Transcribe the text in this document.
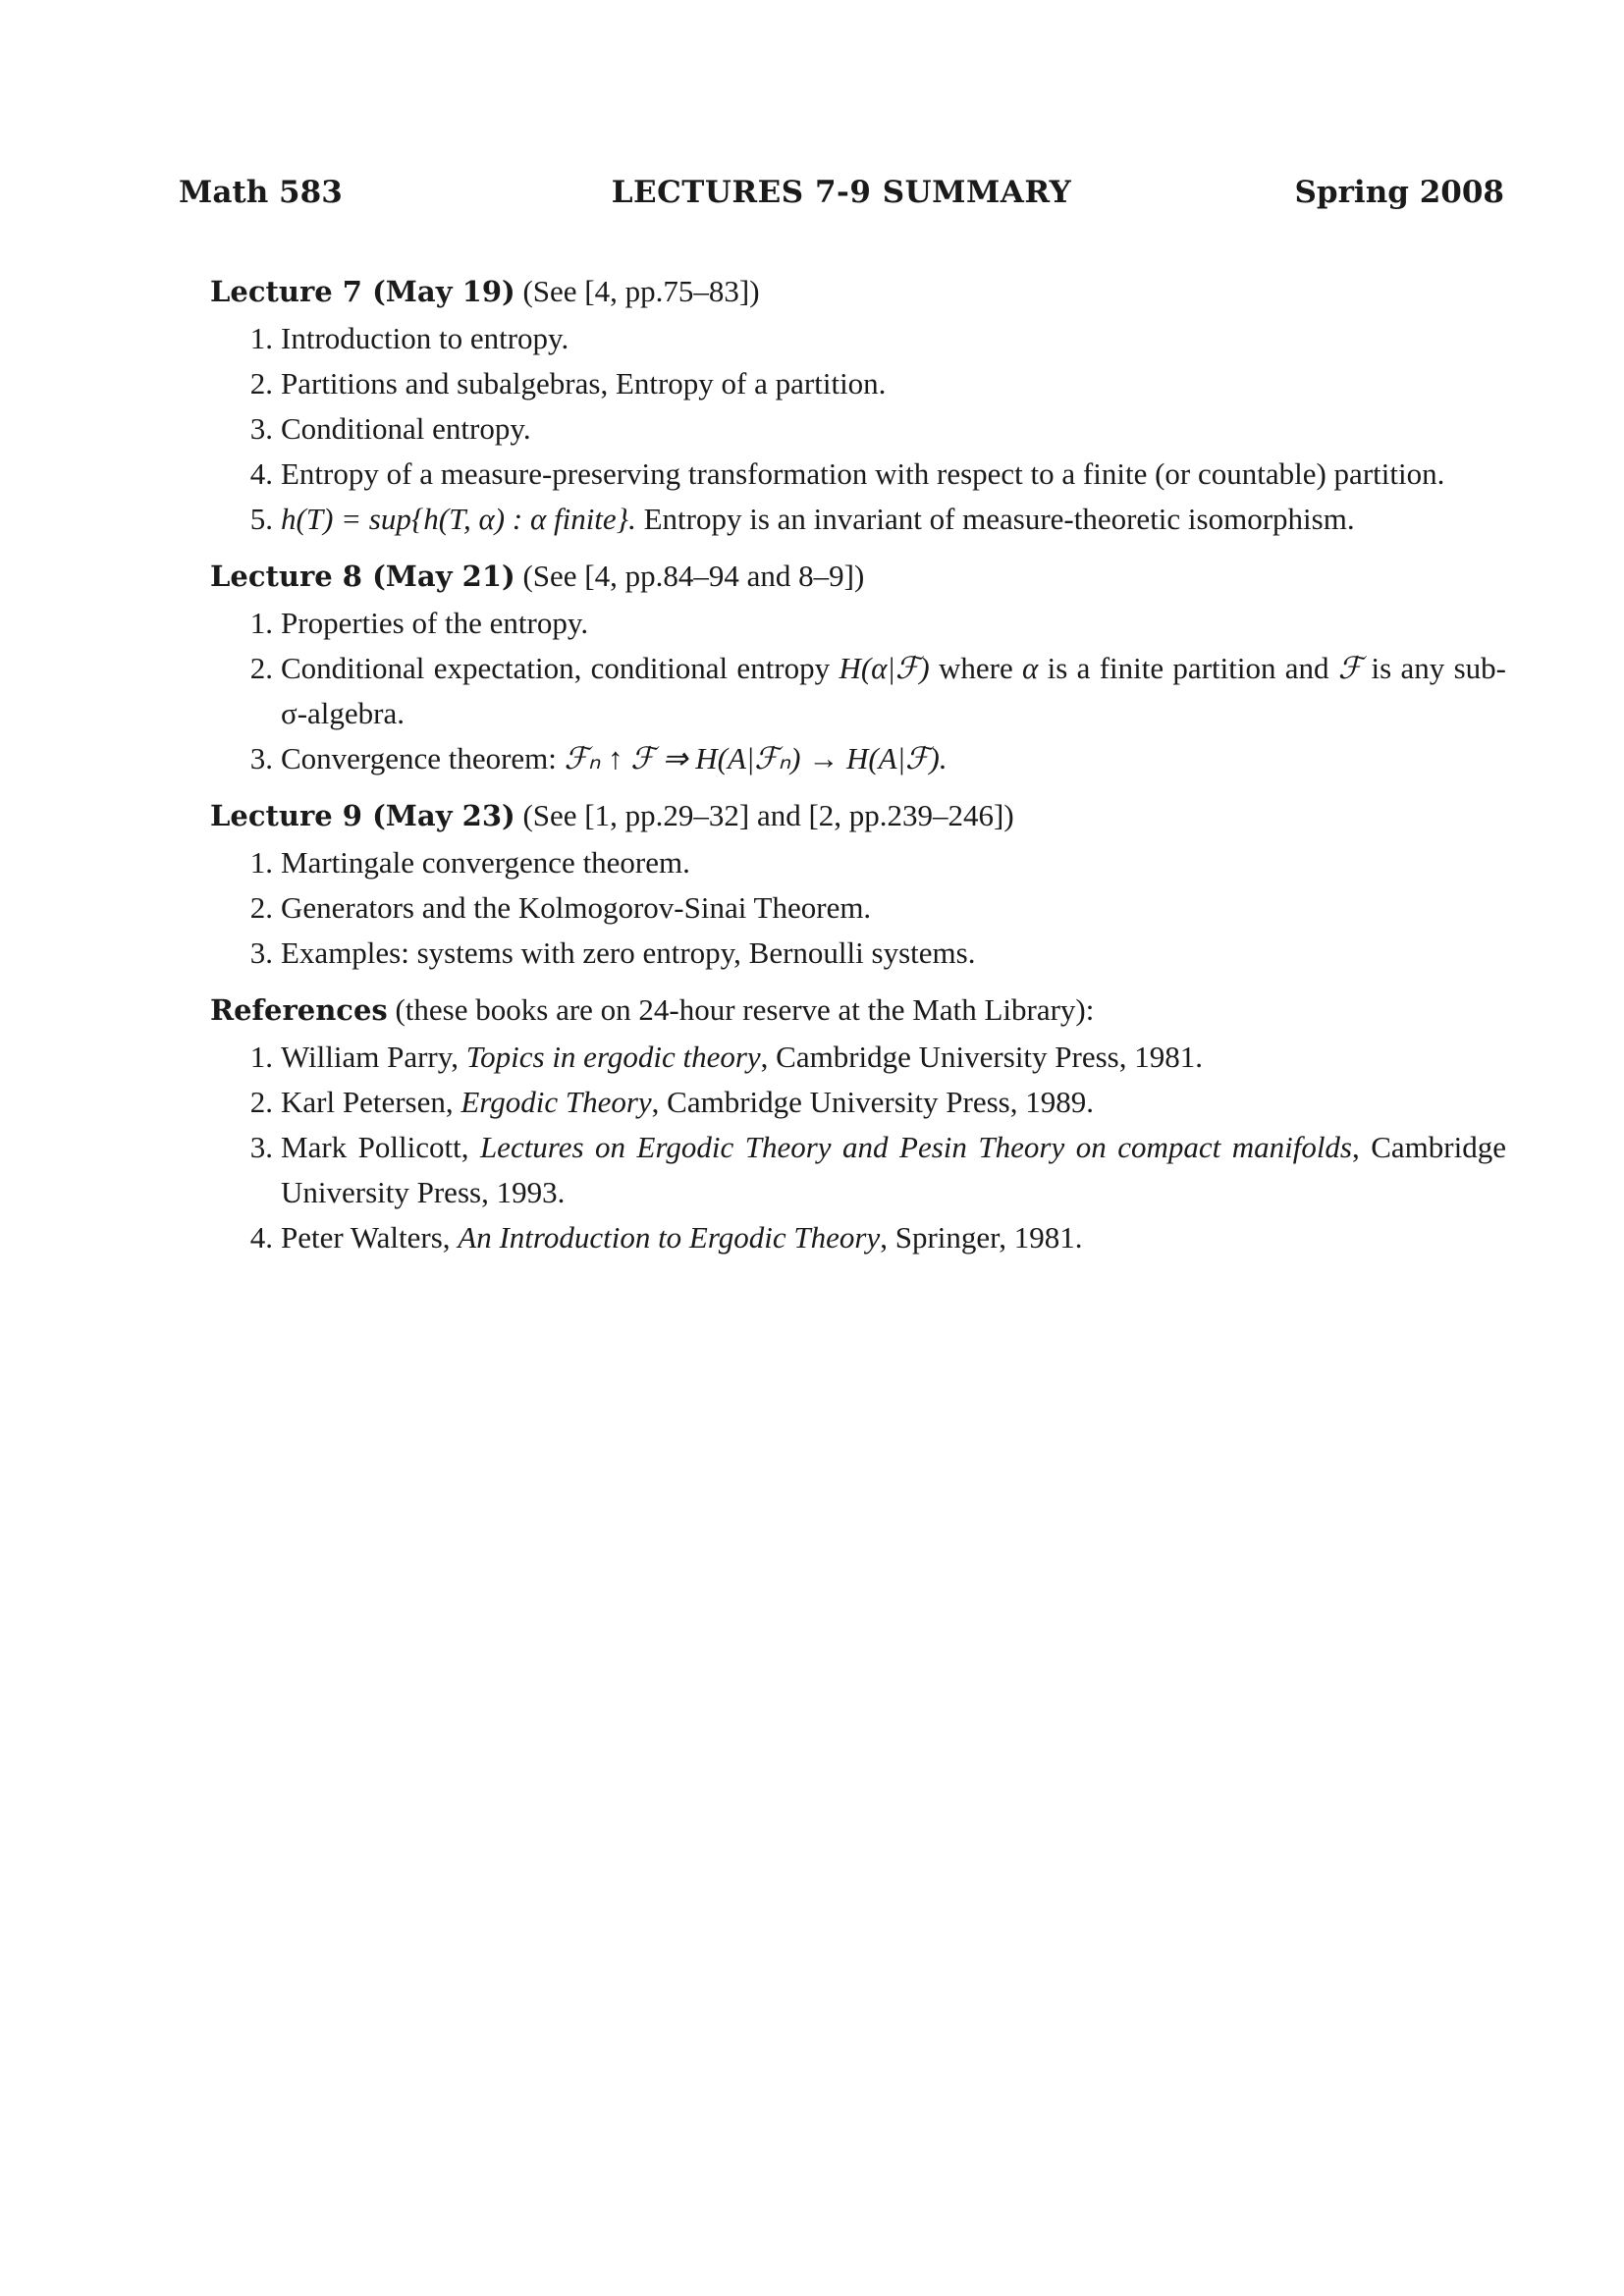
Math 583	LECTURES 7-9 SUMMARY	Spring 2008
Lecture 7 (May 19) (See [4, pp.75–83])
1. Introduction to entropy.
2. Partitions and subalgebras, Entropy of a partition.
3. Conditional entropy.
4. Entropy of a measure-preserving transformation with respect to a finite (or countable) partition.
5. h(T) = sup{h(T, α) : α finite}. Entropy is an invariant of measure-theoretic isomorphism.
Lecture 8 (May 21) (See [4, pp.84–94 and 8–9])
1. Properties of the entropy.
2. Conditional expectation, conditional entropy H(α|ℱ) where α is a finite partition and ℱ is any sub-σ-algebra.
3. Convergence theorem: ℱₙ ↑ ℱ ⇒ H(A|ℱₙ) → H(A|ℱ).
Lecture 9 (May 23) (See [1, pp.29–32] and [2, pp.239–246])
1. Martingale convergence theorem.
2. Generators and the Kolmogorov-Sinai Theorem.
3. Examples: systems with zero entropy, Bernoulli systems.
References (these books are on 24-hour reserve at the Math Library):
1. William Parry, Topics in ergodic theory, Cambridge University Press, 1981.
2. Karl Petersen, Ergodic Theory, Cambridge University Press, 1989.
3. Mark Pollicott, Lectures on Ergodic Theory and Pesin Theory on compact manifolds, Cambridge University Press, 1993.
4. Peter Walters, An Introduction to Ergodic Theory, Springer, 1981.
